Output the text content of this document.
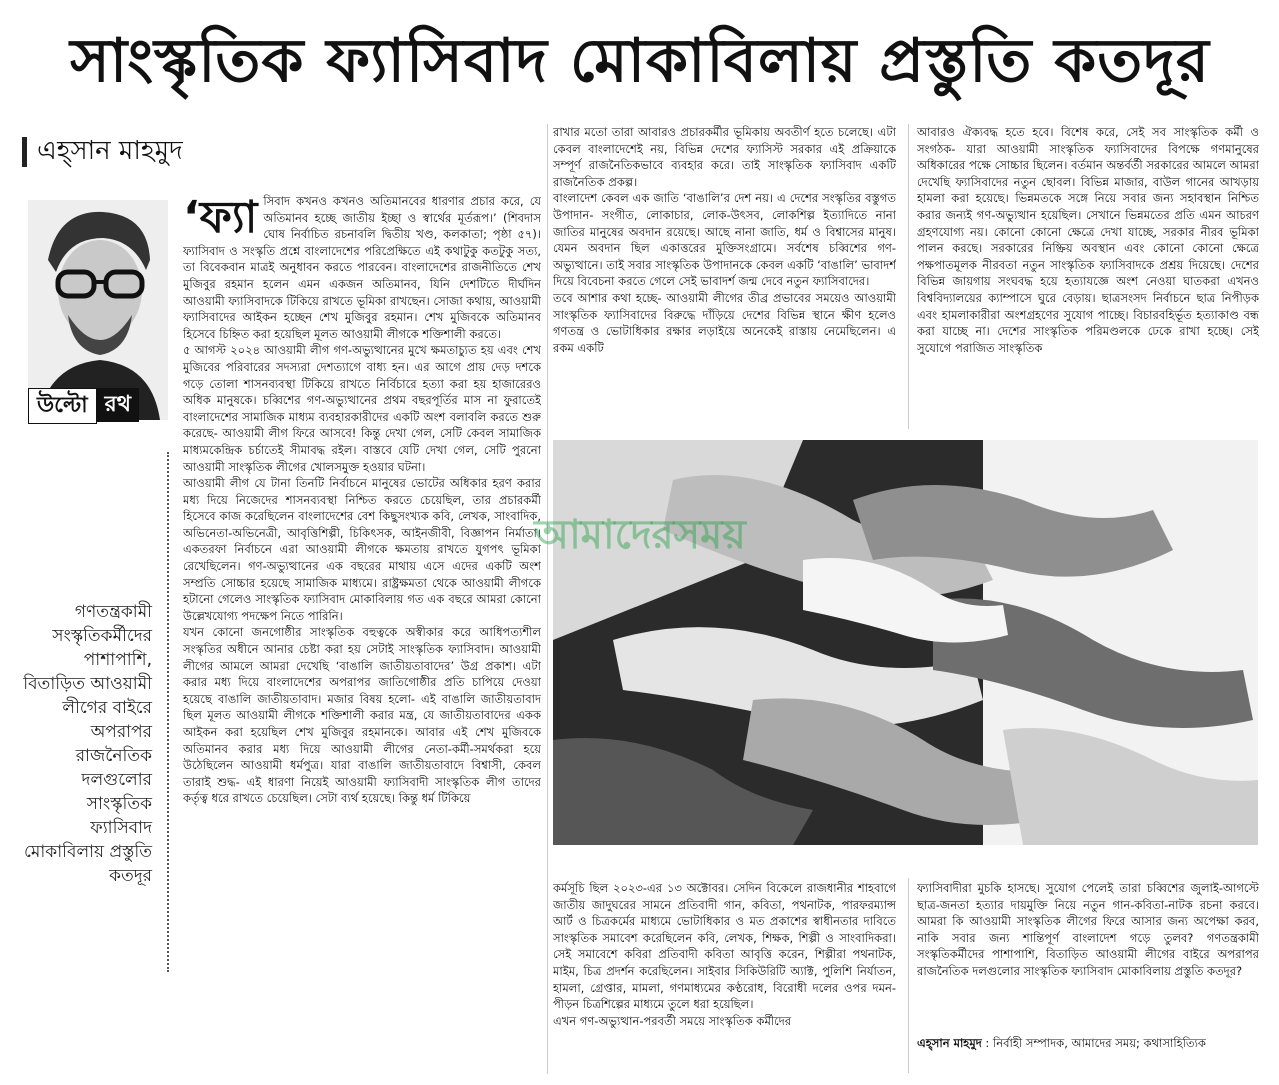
সাংস্কৃতিক ফ্যাসিবাদ মোকাবিলায় প্রস্তুতি কতদূর
এহ্‌সান মাহমুদ
উল্টো রথ
গণতন্ত্রকামী সংস্কৃতিকর্মীদের পাশাপাশি, বিতাড়িত আওয়ামী লীগের বাইরে অপরাপর রাজনৈতিক দলগুলোর সাংস্কৃতিক ফ্যাসিবাদ মোকাবিলায় প্রস্তুতি কতদূর
‘ফ্যা সিবাদ কখনও কখনও অতিমানবের ধারণার প্রচার করে, যে অতিমানব হচ্ছে জাতীয় ইচ্ছা ও স্বার্থের মূর্তরূপ।’ (শিবদাস ঘোষ নির্বাচিত রচনাবলি দ্বিতীয় খণ্ড, কলকাতা; পৃষ্ঠা ৫৭)। ফ্যাসিবাদ ও সংস্কৃতি প্রশ্নে বাংলাদেশের পরিপ্রেক্ষিতে এই কথাটুকু কতটুকু সত্য, তা বিবেকবান মাত্রই অনুধাবন করতে পারবেন। বাংলাদেশের রাজনীতিতে শেখ মুজিবুর রহমান হলেন এমন একজন অতিমানব, যিনি দেশটিতে দীর্ঘদিন আওয়ামী ফ্যাসিবাদকে টিকিয়ে রাখতে ভূমিকা রাখছেন। সোজা কথায়, আওয়ামী ফ্যাসিবাদের আইকন হচ্ছেন শেখ মুজিবুর রহমান। শেখ মুজিবকে অতিমানব হিসেবে চিহ্নিত করা হয়েছিল মূলত আওয়ামী লীগকে শক্তিশালী করতে।

৫ আগস্ট ২০২৪ আওয়ামী লীগ গণ-অভ্যুত্থানের মুখে ক্ষমতাচ্যুত হয় এবং শেখ মুজিবের পরিবারের সদস্যরা দেশত্যাগে বাধ্য হন। এর আগে প্রায় দেড় দশকে গড়ে তোলা শাসনব্যবস্থা টিকিয়ে রাখতে নির্বিচারে হত্যা করা হয় হাজারেরও অধিক মানুষকে। চব্বিশের গণ-অভ্যুত্থানের প্রথম বছরপূর্তির মাস না ফুরাতেই বাংলাদেশের সামাজিক মাধ্যম ব্যবহারকারীদের একটি অংশ বলাবলি করতে শুরু করেছে- আওয়ামী লীগ ফিরে আসবে! কিন্তু দেখা গেল, সেটি কেবল সামাজিক মাধ্যমকেন্দ্রিক চর্চাতেই সীমাবদ্ধ রইল। বাস্তবে যেটি দেখা গেল, সেটি পুরনো আওয়ামী সাংস্কৃতিক লীগের খোলসমুক্ত হওয়ার ঘটনা।

আওয়ামী লীগ যে টানা তিনটি নির্বাচনে মানুষের ভোটের অধিকার হরণ করার মধ্য দিয়ে নিজেদের শাসনব্যবস্থা নিশ্চিত করতে চেয়েছিল, তার প্রচারকর্মী হিসেবে কাজ করেছিলেন বাংলাদেশের বেশ কিছুসংখ্যক কবি, লেখক, সাংবাদিক, অভিনেতা-অভিনেত্রী, আবৃত্তিশিল্পী, চিকিৎসক, আইনজীবী, বিজ্ঞাপন নির্মাতা। একতরফা নির্বাচনে এরা আওয়ামী লীগকে ক্ষমতায় রাখতে যুগপৎ ভূমিকা রেখেছিলেন। গণ-অভ্যুত্থানের এক বছরের মাথায় এসে এদের একটি অংশ সম্প্রতি সোচ্চার হয়েছে সামাজিক মাধ্যমে। রাষ্ট্রক্ষমতা থেকে আওয়ামী লীগকে হটানো গেলেও সাংস্কৃতিক ফ্যাসিবাদ মোকাবিলায় গত এক বছরে আমরা কোনো উল্লেখযোগ্য পদক্ষেপ নিতে পারিনি।

যখন কোনো জনগোষ্ঠীর সাংস্কৃতিক বহুত্বকে অস্বীকার করে আধিপত্যশীল সংস্কৃতির অধীনে আনার চেষ্টা করা হয় সেটাই সাংস্কৃতিক ফ্যাসিবাদ। আওয়ামী লীগের আমলে আমরা দেখেছি ‘বাঙালি জাতীয়তাবাদের’ উগ্র প্রকাশ। এটা করার মধ্য দিয়ে বাংলাদেশের অপরাপর জাতিগোষ্ঠীর প্রতি চাপিয়ে দেওয়া হয়েছে বাঙালি জাতীয়তাবাদ। মজার বিষয় হলো- এই বাঙালি জাতীয়তাবাদ ছিল মূলত আওয়ামী লীগকে শক্তিশালী করার মন্ত্র, যে জাতীয়তাবাদের একক আইকন করা হয়েছিল শেখ মুজিবুর রহমানকে। আবার এই শেখ মুজিবকে অতিমানব করার মধ্য দিয়ে আওয়ামী লীগের নেতা-কর্মী-সমর্থকরা হয়ে উঠেছিলেন আওয়ামী ধর্মপুত্র। যারা বাঙালি জাতীয়তাবাদে বিশ্বাসী, কেবল তারাই শুদ্ধ- এই ধারণা নিয়েই আওয়ামী ফ্যাসিবাদী সাংস্কৃতিক লীগ তাদের কর্তৃত্ব ধরে রাখতে চেয়েছিল। সেটা ব্যর্থ হয়েছে। কিন্তু ধর্ম টিকিয়ে

রাখার মতো তারা আবারও প্রচারকর্মীর ভূমিকায় অবতীর্ণ হতে চলেছে। এটা কেবল বাংলাদেশেই নয়, বিভিন্ন দেশের ফ্যাসিস্ট সরকার এই প্রক্রিয়াকে সম্পূর্ণ রাজনৈতিকভাবে ব্যবহার করে। তাই সাংস্কৃতিক ফ্যাসিবাদ একটি রাজনৈতিক প্রকল্প।

বাংলাদেশ কেবল এক জাতি ‘বাঙালি’র দেশ নয়। এ দেশের সংস্কৃতির বস্তুগত উপাদান- সংগীত, লোকাচার, লোক-উৎসব, লোকশিল্প ইত্যাদিতে নানা জাতির মানুষের অবদান রয়েছে। আছে নানা জাতি, ধর্ম ও বিশ্বাসের মানুষ। যেমন অবদান ছিল একাত্তরের মুক্তিসংগ্রামে। সর্বশেষ চব্বিশের গণ-অভ্যুত্থানে। তাই সবার সাংস্কৃতিক উপাদানকে কেবল একটি ‘বাঙালি’ ভাবাদর্শ দিয়ে বিবেচনা করতে গেলে সেই ভাবাদর্শ জন্ম দেবে নতুন ফ্যাসিবাদের।

তবে আশার কথা হচ্ছে- আওয়ামী লীগের তীব্র প্রভাবের সময়েও আওয়ামী সাংস্কৃতিক ফ্যাসিবাদের বিরুদ্ধে দাঁড়িয়ে দেশের বিভিন্ন স্থানে ক্ষীণ হলেও গণতন্ত্র ও ভোটাধিকার রক্ষার লড়াইয়ে অনেকেই রাস্তায় নেমেছিলেন। এ রকম একটি

আবারও ঐক্যবদ্ধ হতে হবে। বিশেষ করে, সেই সব সাংস্কৃতিক কর্মী ও সংগঠক- যারা আওয়ামী সাংস্কৃতিক ফ্যাসিবাদের বিপক্ষে গণমানুষের অধিকারের পক্ষে সোচ্চার ছিলেন। বর্তমান অন্তর্বর্তী সরকারের আমলে আমরা দেখেছি ফ্যাসিবাদের নতুন ছোবল। বিভিন্ন মাজার, বাউল গানের আখড়ায় হামলা করা হয়েছে। ভিন্নমতকে সঙ্গে নিয়ে সবার জন্য সহাবস্থান নিশ্চিত করার জন্যই গণ-অভ্যুত্থান হয়েছিল। সেখানে ভিন্নমতের প্রতি এমন আচরণ গ্রহণযোগ্য নয়। কোনো কোনো ক্ষেত্রে দেখা যাচ্ছে, সরকার নীরব ভূমিকা পালন করছে। সরকারের নিষ্ক্রিয় অবস্থান এবং কোনো কোনো ক্ষেত্রে পক্ষপাতমূলক নীরবতা নতুন সাংস্কৃতিক ফ্যাসিবাদকে প্রশ্রয় দিয়েছে। দেশের বিভিন্ন জায়গায় সংঘবদ্ধ হয়ে হত্যাযজ্ঞে অংশ নেওয়া ঘাতকরা এখনও বিশ্ববিদ্যালয়ের ক্যাম্পাসে ঘুরে বেড়ায়। ছাত্রসংসদ নির্বাচনে ছাত্র নিপীড়ক এবং হামলাকারীরা অংশগ্রহণের সুযোগ পাচ্ছে। বিচারবহির্ভূত হত্যাকাণ্ড বন্ধ করা যাচ্ছে না। দেশের সাংস্কৃতিক পরিমণ্ডলকে ঢেকে রাখা হচ্ছে। সেই সুযোগে পরাজিত সাংস্কৃতিক

আমাদেরসময়

কর্মসূচি ছিল ২০২৩-এর ১৩ অক্টোবর। সেদিন বিকেলে রাজধানীর শাহবাগে জাতীয় জাদুঘরের সামনে প্রতিবাদী গান, কবিতা, পথনাটক, পারফরম্যান্স আর্ট ও চিত্রকর্মের মাধ্যমে ভোটাধিকার ও মত প্রকাশের স্বাধীনতার দাবিতে সাংস্কৃতিক সমাবেশ করেছিলেন কবি, লেখক, শিক্ষক, শিল্পী ও সাংবাদিকরা। সেই সমাবেশে কবিরা প্রতিবাদী কবিতা আবৃত্তি করেন, শিল্পীরা পথনাটক, মাইম, চিত্র প্রদর্শন করেছিলেন। সাইবার সিকিউরিটি অ্যাক্ট, পুলিশি নির্যাতন, হামলা, গ্রেপ্তার, মামলা, গণমাধ্যমের কণ্ঠরোধ, বিরোধী দলের ওপর দমন-পীড়ন চিত্রশিল্পের মাধ্যমে তুলে ধরা হয়েছিল।

এখন গণ-অভ্যুত্থান-পরবর্তী সময়ে সাংস্কৃতিক কর্মীদের

ফ্যাসিবাদীরা মুচকি হাসছে। সুযোগ পেলেই তারা চব্বিশের জুলাই-আগস্টে ছাত্র-জনতা হত্যার দায়মুক্তি নিয়ে নতুন গান-কবিতা-নাটক রচনা করবে। আমরা কি আওয়ামী সাংস্কৃতিক লীগের ফিরে আসার জন্য অপেক্ষা করব, নাকি সবার জন্য শান্তিপূর্ণ বাংলাদেশ গড়ে তুলব? গণতন্ত্রকামী সংস্কৃতিকর্মীদের পাশাপাশি, বিতাড়িত আওয়ামী লীগের বাইরে অপরাপর রাজনৈতিক দলগুলোর সাংস্কৃতিক ফ্যাসিবাদ মোকাবিলায় প্রস্তুতি কতদূর?

এহ্‌সান মাহমুদ : নির্বাহী সম্পাদক, আমাদের সময়; কথাসাহিত্যিক
